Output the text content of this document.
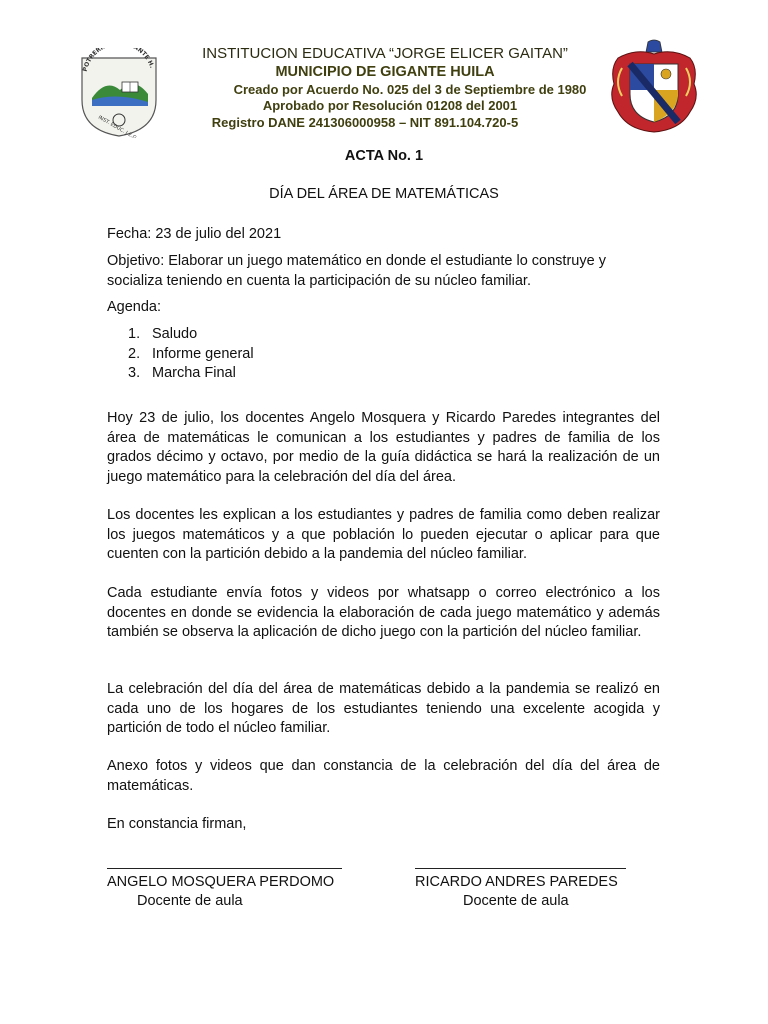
POTRERI ANTE H.
INST. EDUC. J.E.G.
INSTITUCION EDUCATIVA “JORGE ELICER GAITAN”
MUNICIPIO DE GIGANTE HUILA
Creado por Acuerdo No. 025 del 3 de Septiembre de 1980
Aprobado por Resolución 01208 del 2001
Registro DANE 241306000958 – NIT 891.104.720-5
ACTA No. 1
DÍA DEL ÁREA DE MATEMÁTICAS
Fecha: 23 de julio del 2021
Objetivo: Elaborar un juego matemático en donde el estudiante lo construye y socializa teniendo en cuenta la participación de su núcleo familiar.
Agenda:
1. Saludo
2. Informe general
3. Marcha Final
Hoy 23 de julio, los docentes Angelo Mosquera y Ricardo Paredes integrantes del área de matemáticas le comunican a los estudiantes y padres de familia de los grados décimo y octavo, por medio de la guía didáctica se hará la realización de un juego matemático para la celebración del día del área.
Los docentes les explican a los estudiantes y padres de familia como deben realizar los juegos matemáticos y a que población lo pueden ejecutar o aplicar para que cuenten con la partición debido a la pandemia del núcleo familiar.
Cada estudiante envía fotos y videos por whatsapp o correo electrónico a los docentes en donde se evidencia la elaboración de cada juego matemático y además también se observa la aplicación de dicho juego con la partición del núcleo familiar.
La celebración del día del área de matemáticas debido a la pandemia se realizó en cada uno de los hogares de los estudiantes teniendo una excelente acogida y partición de todo el núcleo familiar.
Anexo fotos y videos que dan constancia de la celebración del día del área de matemáticas.
En constancia firman,
ANGELO MOSQUERA PERDOMO	RICARDO ANDRES PAREDES
Docente de aula	Docente de aula
